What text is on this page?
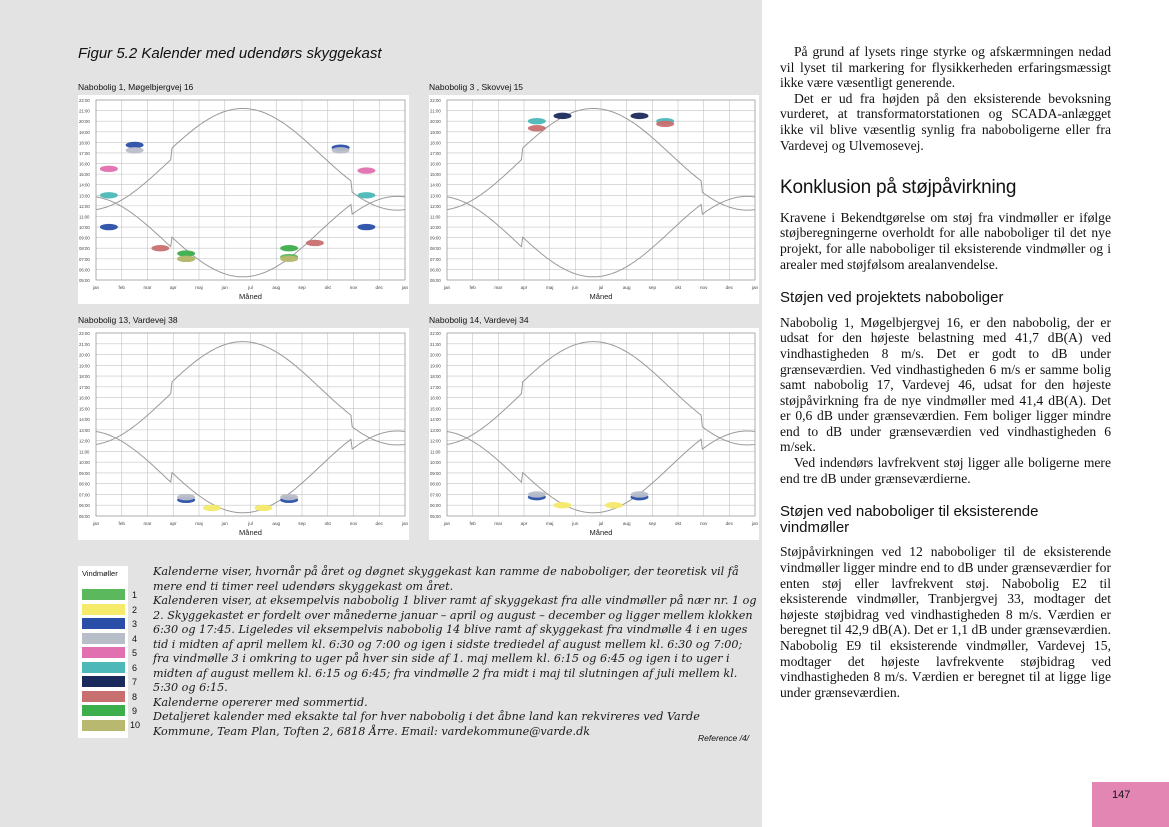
Figur 5.2 Kalender med udendørs skyggekast
Nabobolig 1, Møgelbjergvej 16
22:00
21:00
20:00
19:00
18:00
17:00
16:00
15:00
14:00
13:00
12:00
11:00
10:00
09:00
08:00
07:00
06:00
05:00
jan	feb	mar	apr	maj	jun	jul	aug	sep	okt	nov	dec	jan
Måned
Nabobolig 3 , Skovvej 15
22:00
21:00
20:00
19:00
18:00
17:00
16:00
15:00
14:00
13:00
12:00
11:00
10:00
09:00
08:00
07:00
06:00
05:00
jan	feb	mar	apr	maj	jun	jul	aug	sep	okt	nov	dec	jan
Måned
Nabobolig 13, Vardevej 38
22:00
21:00
20:00
19:00
18:00
17:00
16:00
15:00
14:00
13:00
12:00
11:00
10:00
09:00
08:00
07:00
06:00
05:00
jan	feb	mar	apr	maj	jun	jul	aug	sep	okt	nov	dec	jan
Måned
Nabobolig 14, Vardevej 34
22:00
21:00
20:00
19:00
18:00
17:00
16:00
15:00
14:00
13:00
12:00
11:00
10:00
09:00
08:00
07:00
06:00
05:00
jan	feb	mar	apr	maj	jun	jul	aug	sep	okt	nov	dec	jan
Måned
Vindmøller
1
2
3
4
5
6
7
8
9
10

Kalenderne viser, hvornår på året og døgnet skyggekast kan ramme de naboboliger, der teoretisk vil få mere end ti timer reel udendørs skyggekast om året.

Kalenderen viser, at eksempelvis nabobolig 1 bliver ramt af skyggekast fra alle vindmøller på nær nr. 1 og 2. Skyggekastet er fordelt over månederne januar – april og august – december og ligger mellem klokken 6:30 og 17:45. Ligeledes vil eksempelvis nabobolig 14 blive ramt af skyggekast fra vindmølle 4 i en uges tid i midten af april mellem kl. 6:30 og 7:00 og igen i sidste trediedel af august mellem kl. 6:30 og 7:00; fra vindmølle 3 i omkring to uger på hver sin side af 1. maj mellem kl. 6:15 og 6:45 og igen i to uger i midten af august mellem kl. 6:15 og 6:45; fra vindmølle 2 fra midt i maj til slutningen af juli mellem kl. 5:30 og 6:15.

Kalenderne opererer med sommertid.

Detaljeret kalender med eksakte tal for hver nabobolig i det åbne land kan rekvireres ved Varde Kommune, Team Plan, Toften 2, 6818 Årre. Email: vardekommune@varde.dk

Reference /4/

På grund af lysets ringe styrke og afskærmningen nedad vil lyset til markering for flysikkerheden erfaringsmæssigt ikke være væsentligt generende.

Det er ud fra højden på den eksisterende bevoksning vurderet, at transformatorstationen og SCADA-anlægget ikke vil blive væsentlig synlig fra naboboligerne eller fra Vardevej og Ulvemosevej.

Konklusion på støjpåvirkning

Kravene i Bekendtgørelse om støj fra vindmøller er ifølge støjberegningerne overholdt for alle naboboliger til det nye projekt, for alle naboboliger til eksisterende vindmøller og i arealer med støjfølsom arealanvendelse.

Støjen ved projektets naboboliger

Nabobolig 1, Møgelbjergvej 16, er den nabobolig, der er udsat for den højeste belastning med 41,7 dB(A) ved vindhastigheden 8 m/s. Det er godt to dB under grænseværdien. Ved vindhastigheden 6 m/s er samme bolig samt nabobolig 17, Vardevej 46, udsat for den højeste støjpåvirkning fra de nye vindmøller med 41,4 dB(A). Det er 0,6 dB under grænseværdien. Fem boliger ligger mindre end to dB under grænseværdien ved vindhastigheden 6 m/sek.

Ved indendørs lavfrekvent støj ligger alle boligerne mere end tre dB under grænseværdierne.

Støjen ved naboboliger til eksisterende vindmøller

Støjpåvirkningen ved 12 naboboliger til de eksisterende vindmøller ligger mindre end to dB under grænseværdier for enten støj eller lavfrekvent støj. Nabobolig E2 til eksisterende vindmøller, Tranbjergvej 33, modtager det højeste støjbidrag ved vindhastigheden 8 m/s. Værdien er beregnet til 42,9 dB(A). Det er 1,1 dB under grænseværdien. Nabobolig E9 til eksisterende vindmøller, Vardevej 15, modtager det højeste lavfrekvente støjbidrag ved vindhastigheden 8 m/s. Værdien er beregnet til at ligge lige under grænseværdien.

147
